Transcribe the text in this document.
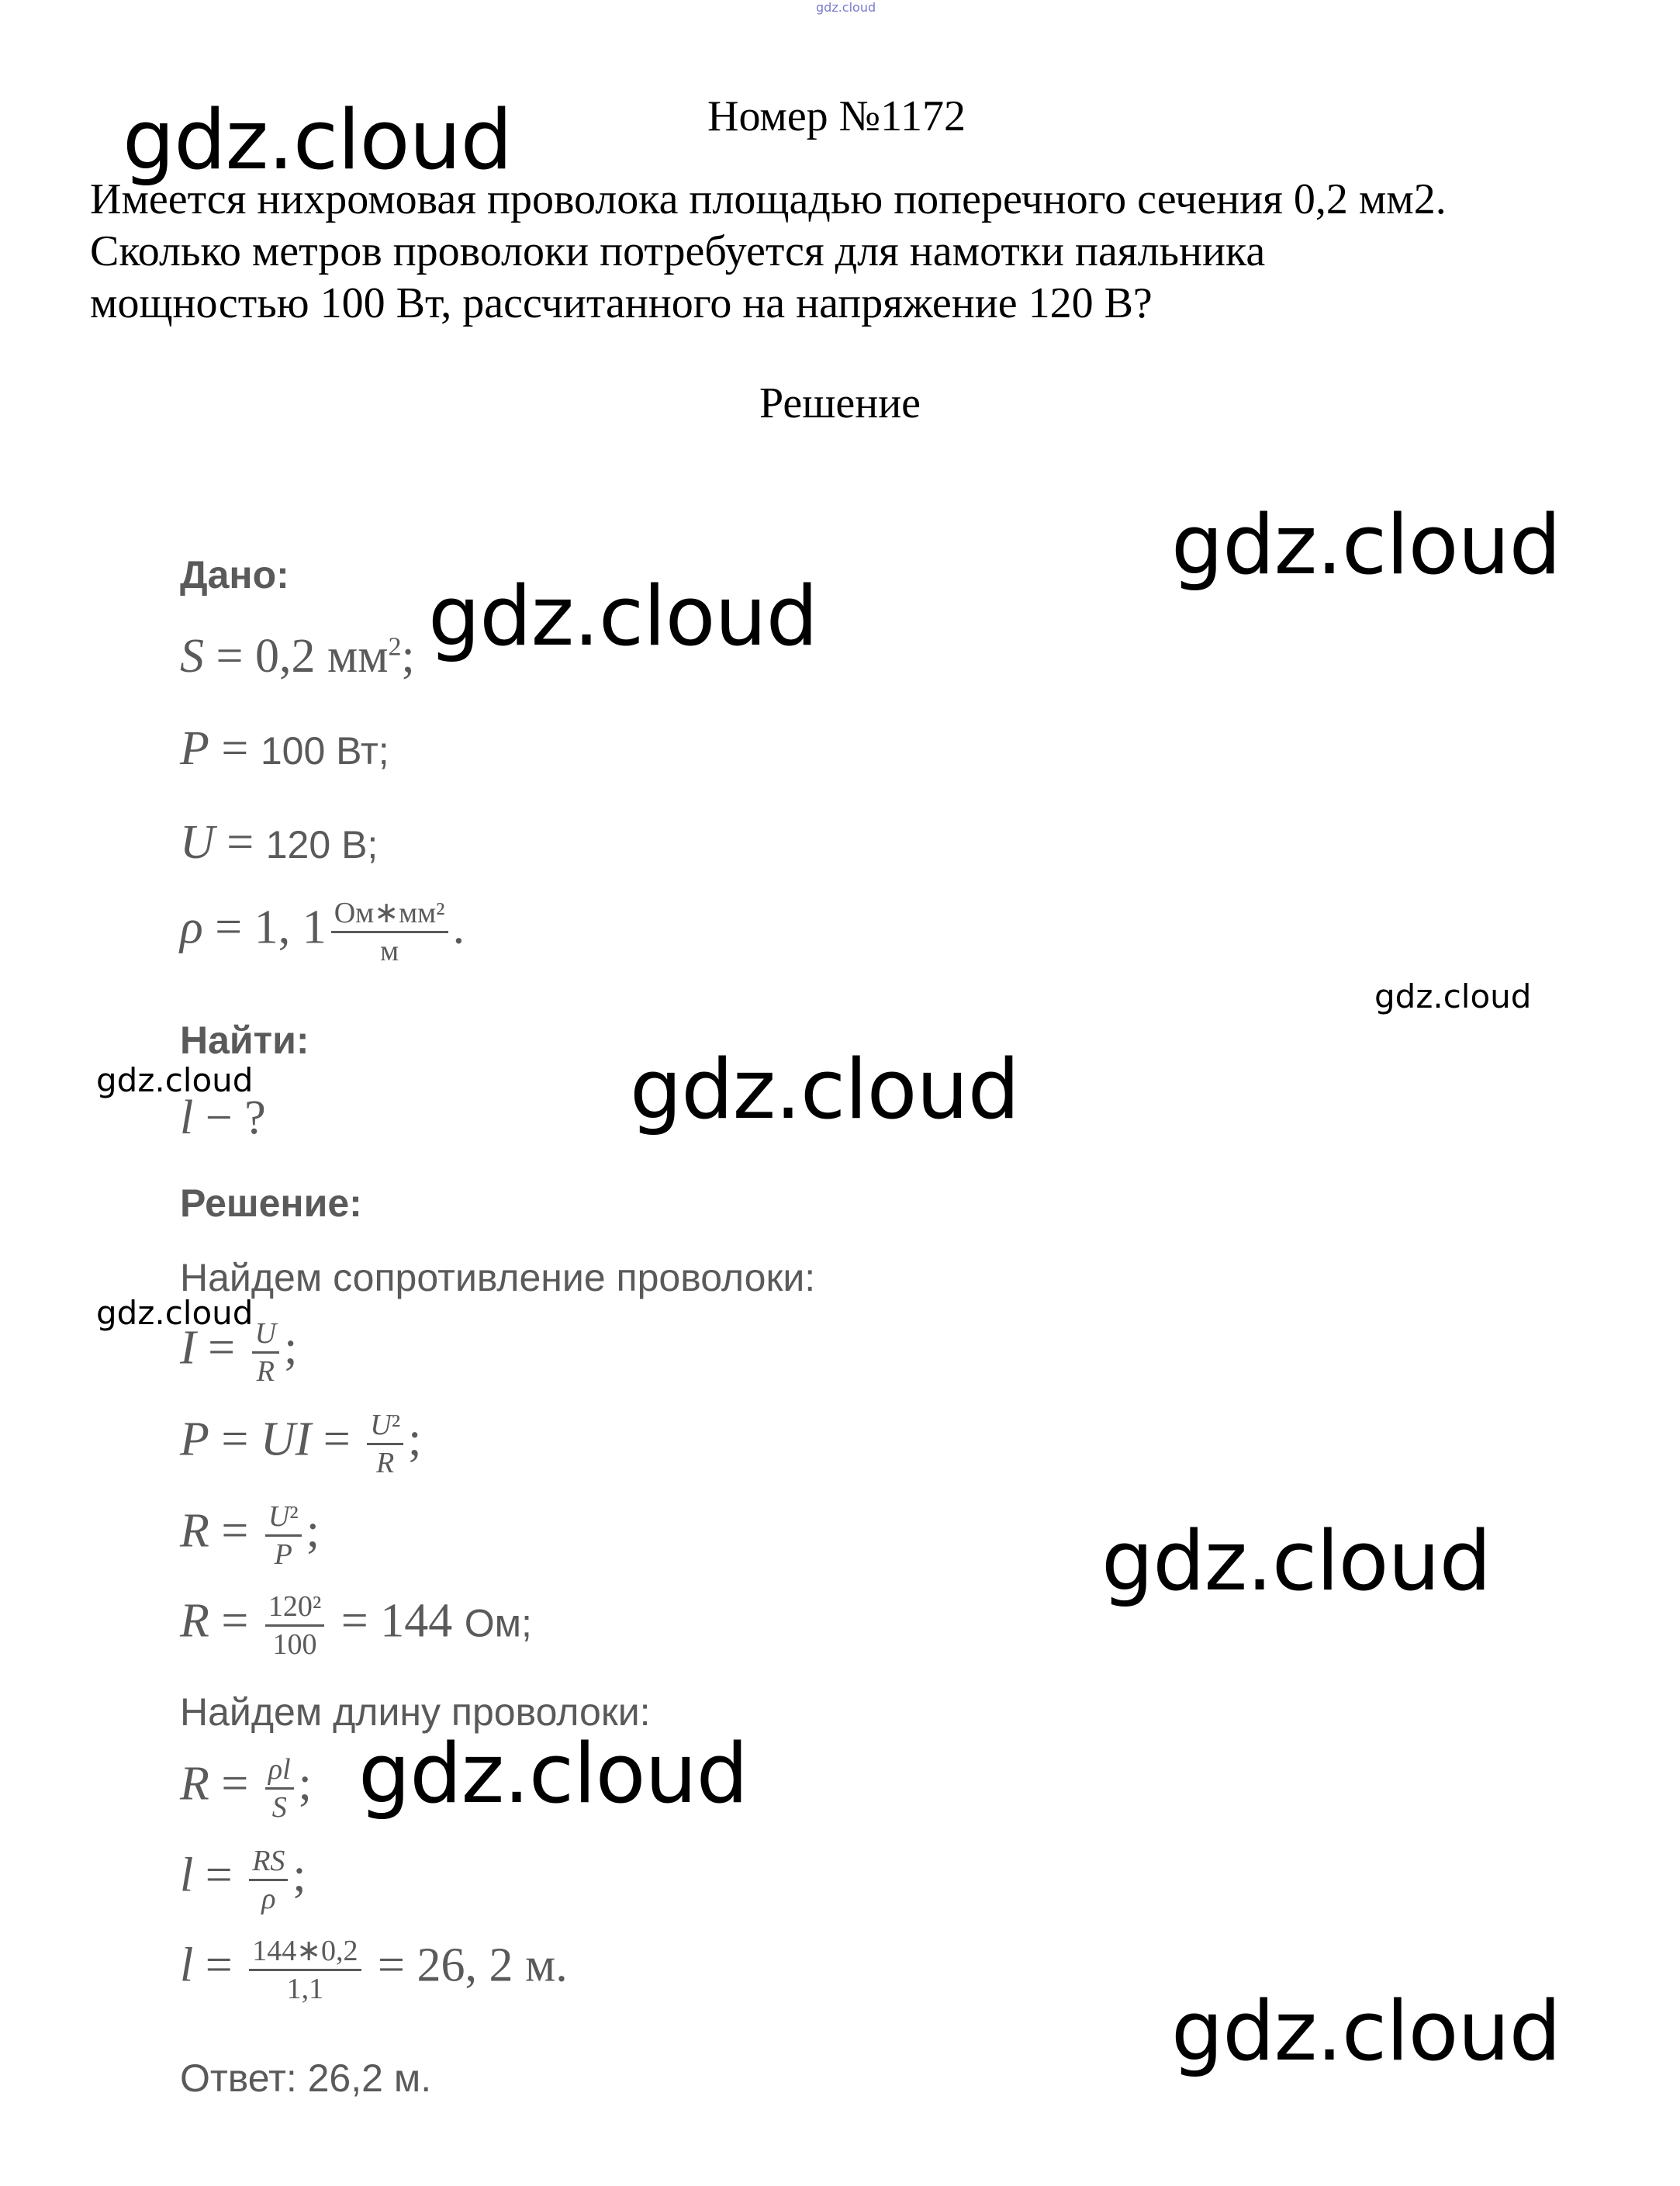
gdz.cloud
Номер №1172
Имеется нихромовая проволока площадью поперечного сечения 0,2 мм2.
Сколько метров проволоки потребуется для намотки паяльника
мощностью 100 Вт, рассчитанного на напряжение 120 В?
Решение
Дано:
S = 0,2 $мм^2$;
P = 100 Вт;
U = 120 В;
ρ = 1, $1 \frac{\text{Ом∗мм²}}{м}$ .
Найти:
l − ?
Решение:
Найдем сопротивление проволоки:
$I = \frac{U}{R}$ ;
P = UI = $\frac{\text{U²}}{R}$ ;
$R = \frac{\text{U²}}{P}$ ;
$R = \frac{\text{120²}}{100} = 144$ Ом;
Найдем длину проволоки:
$R = \frac{\rho l}{S}$ ;
$l = \frac{RS}{\rho}$ ;
$l = \frac{144∗0,2}{1,1} = 26$, 2 м.
Ответ: 26,2 м.
gdz.cloud
gdz.cloud
gdz.cloud
gdz.cloud
gdz.cloud	gdz.cloud
gdz.cloud
gdz.cloud
gdz.cloud
gdz.cloud
